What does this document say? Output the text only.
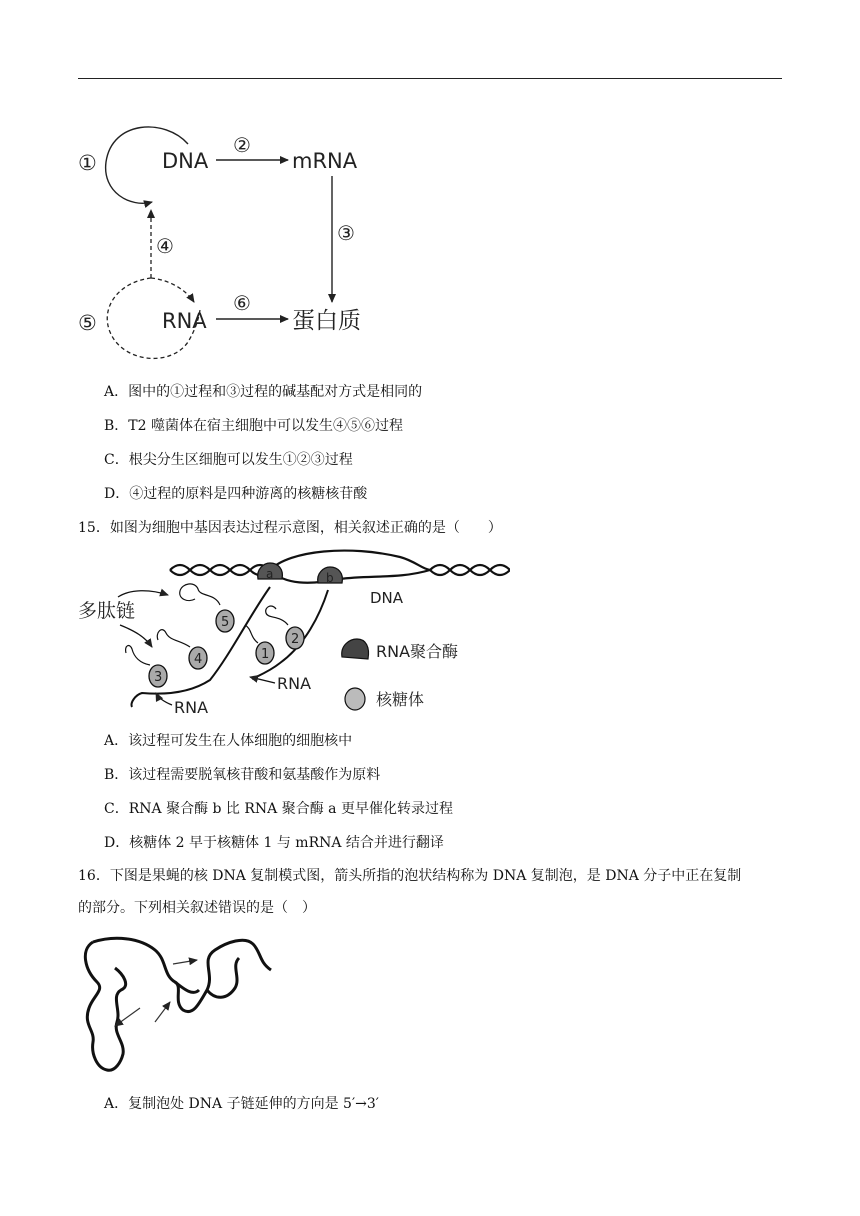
①	DNA
②
mRNA
③
④
⑤	RNA
⑥
蛋白质
A．图中的①过程和③过程的碱基配对方式是相同的
B．T2 噬菌体在宿主细胞中可以发生④⑤⑥过程
C．根尖分生区细胞可以发生①②③过程
D．④过程的原料是四种游离的核糖核苷酸
15．如图为细胞中基因表达过程示意图，相关叙述正确的是（　　）
DNA
a	b
5
4
3
2
1
多肽链
RNA
RNA
RNA聚合酶
核糖体
A．该过程可发生在人体细胞的细胞核中
B．该过程需要脱氧核苷酸和氨基酸作为原料
C．RNA 聚合酶 b 比 RNA 聚合酶 a 更早催化转录过程
D．核糖体 2 早于核糖体 1 与 mRNA 结合并进行翻译
16．下图是果蝇的核 DNA 复制模式图，箭头所指的泡状结构称为 DNA 复制泡，是 DNA 分子中正在复制
的部分。下列相关叙述错误的是（　）
A．复制泡处 DNA 子链延伸的方向是 5′→3′
